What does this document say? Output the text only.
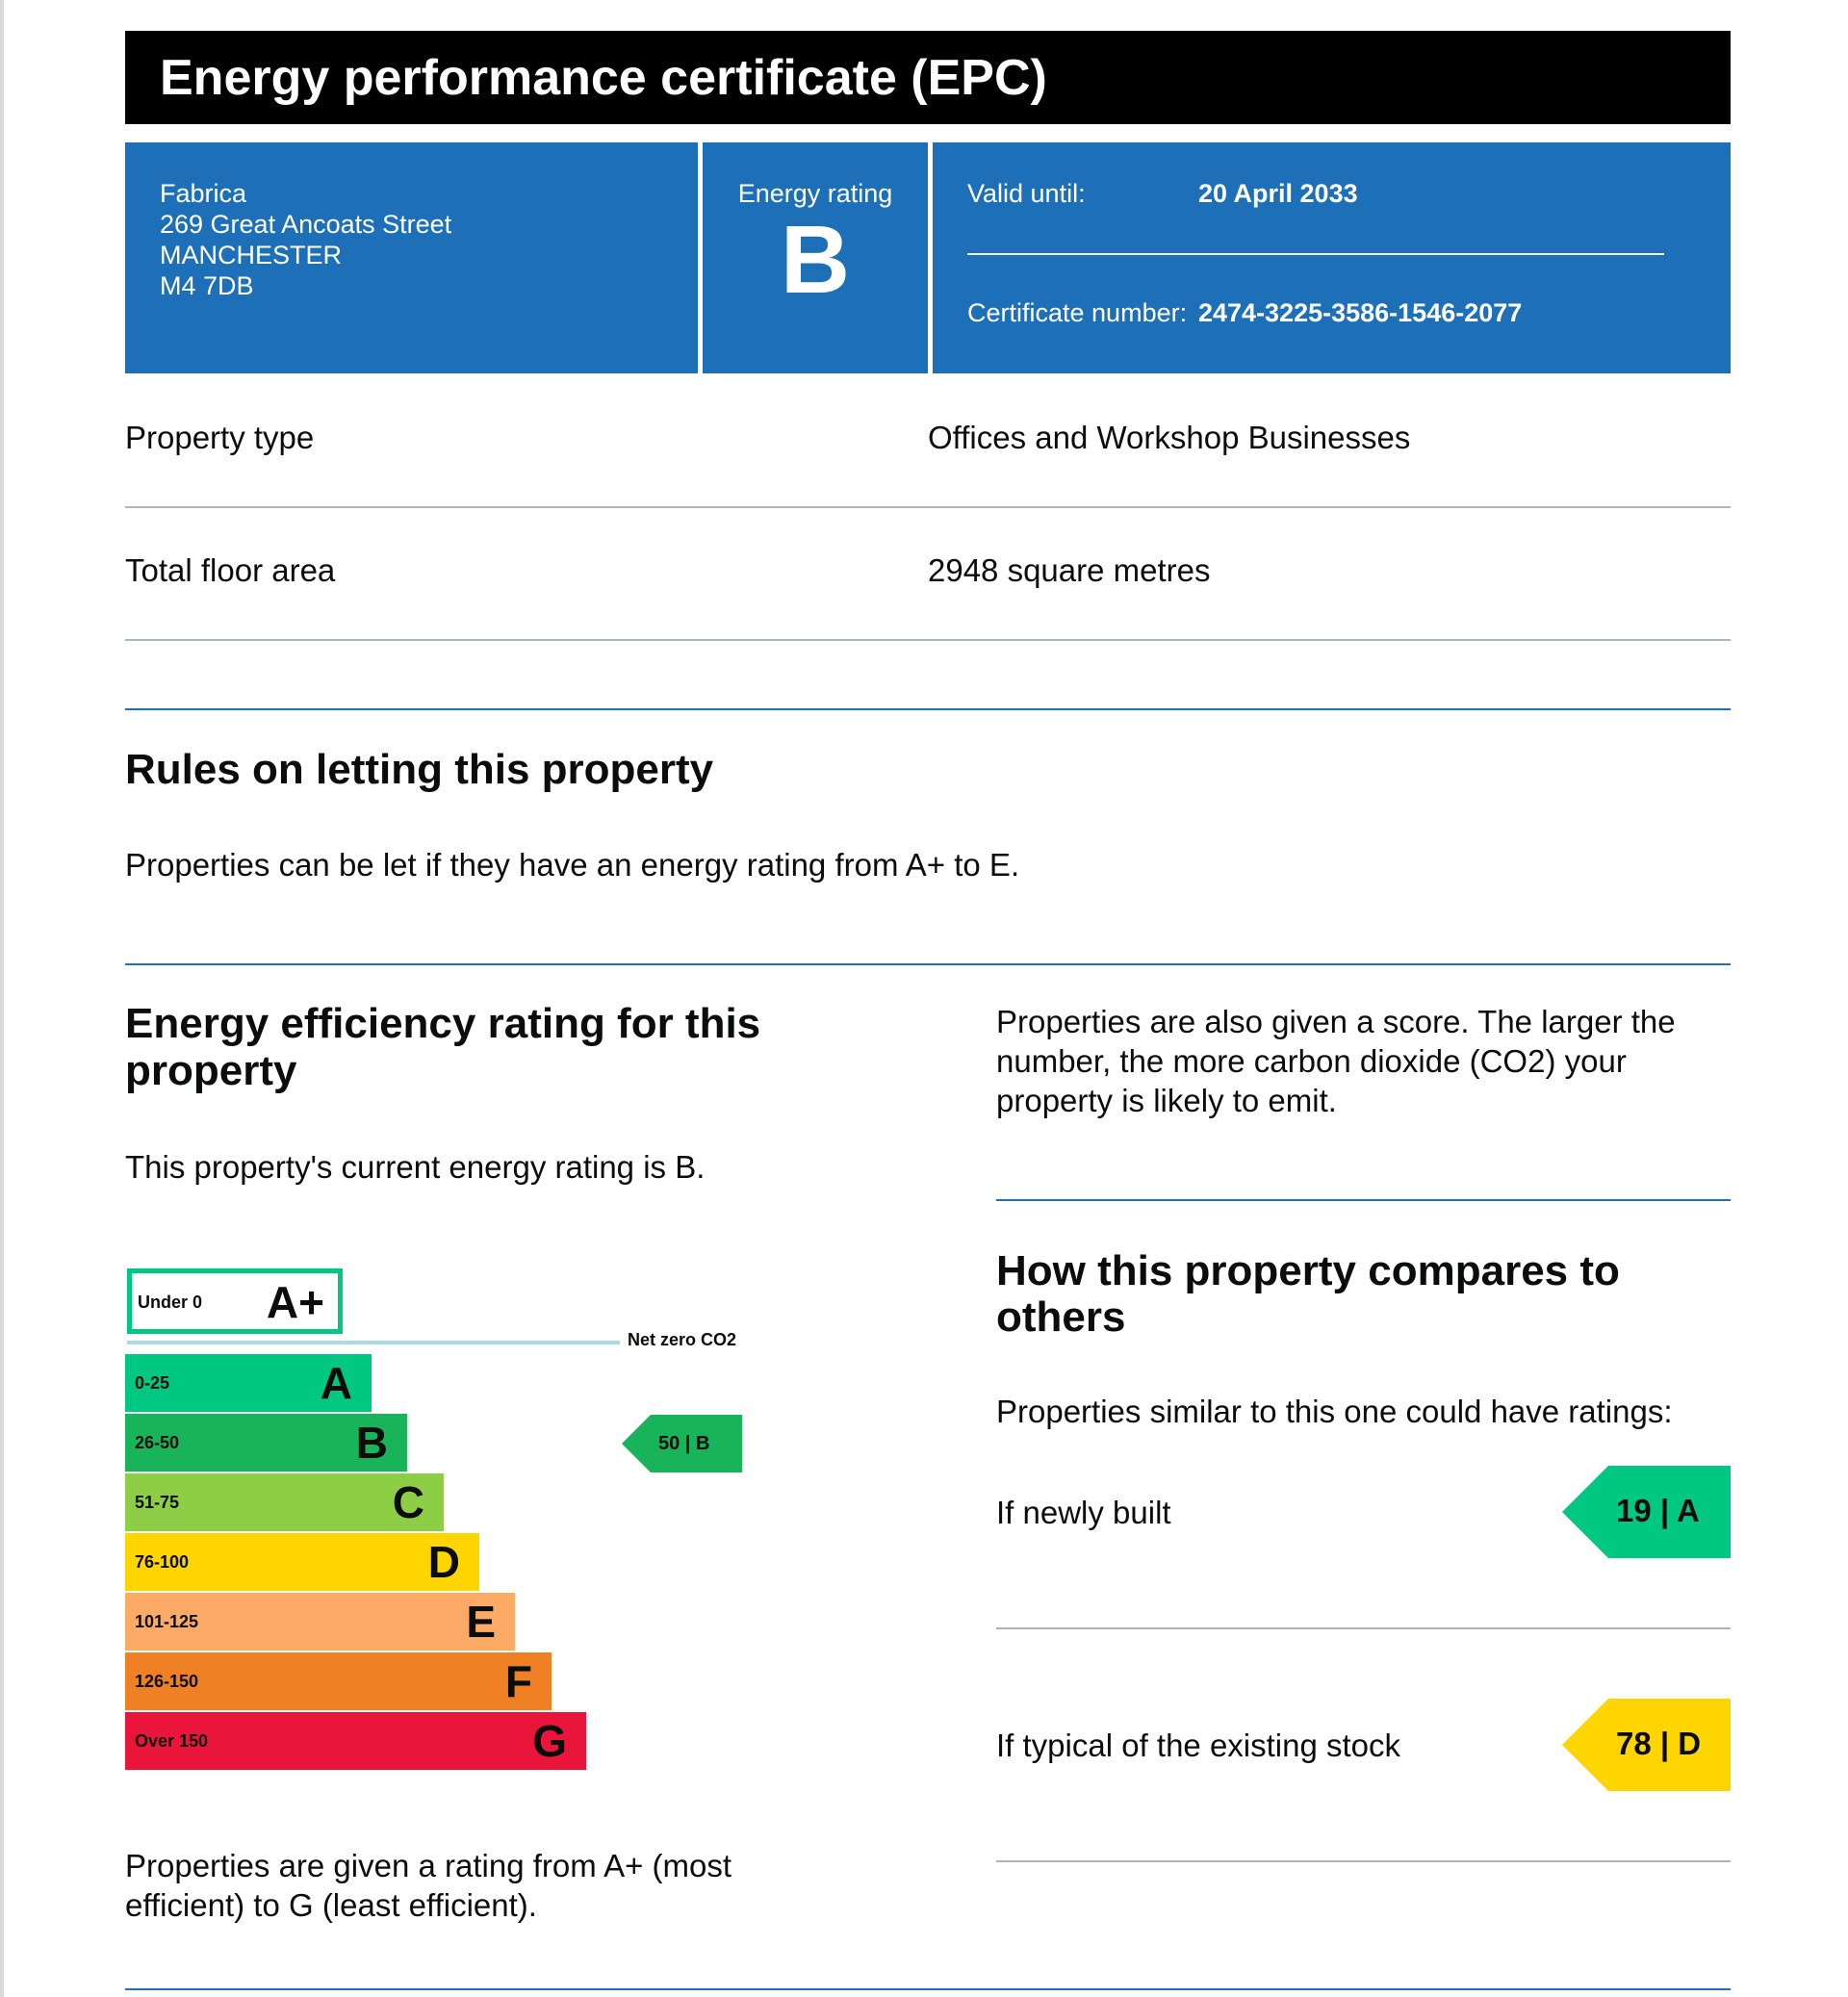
Energy performance certificate (EPC)
Fabrica
269 Great Ancoats Street
MANCHESTER
M4 7DB
Energy rating
B
Valid until:	20 April 2033
Certificate number: 2474-3225-3586-1546-2077
Property type	Offices and Workshop Businesses
Total floor area	2948 square metres
Rules on letting this property
Properties can be let if they have an energy rating from A+ to E.
Energy efficiency rating for this
property
This property's current energy rating is B.
Under 0 A+
Net zero CO2
0-25	A
26-50	B
51-75	C
76-100	D
101-125	E
126-150	F
Over 150	G
50 | B
Properties are given a rating from A+ (most
efficient) to G (least efficient).
Properties are also given a score. The larger the
number, the more carbon dioxide (CO2) your
property is likely to emit.
How this property compares to
others
Properties similar to this one could have ratings:
If newly built	19 | A
If typical of the existing stock	78 | D
